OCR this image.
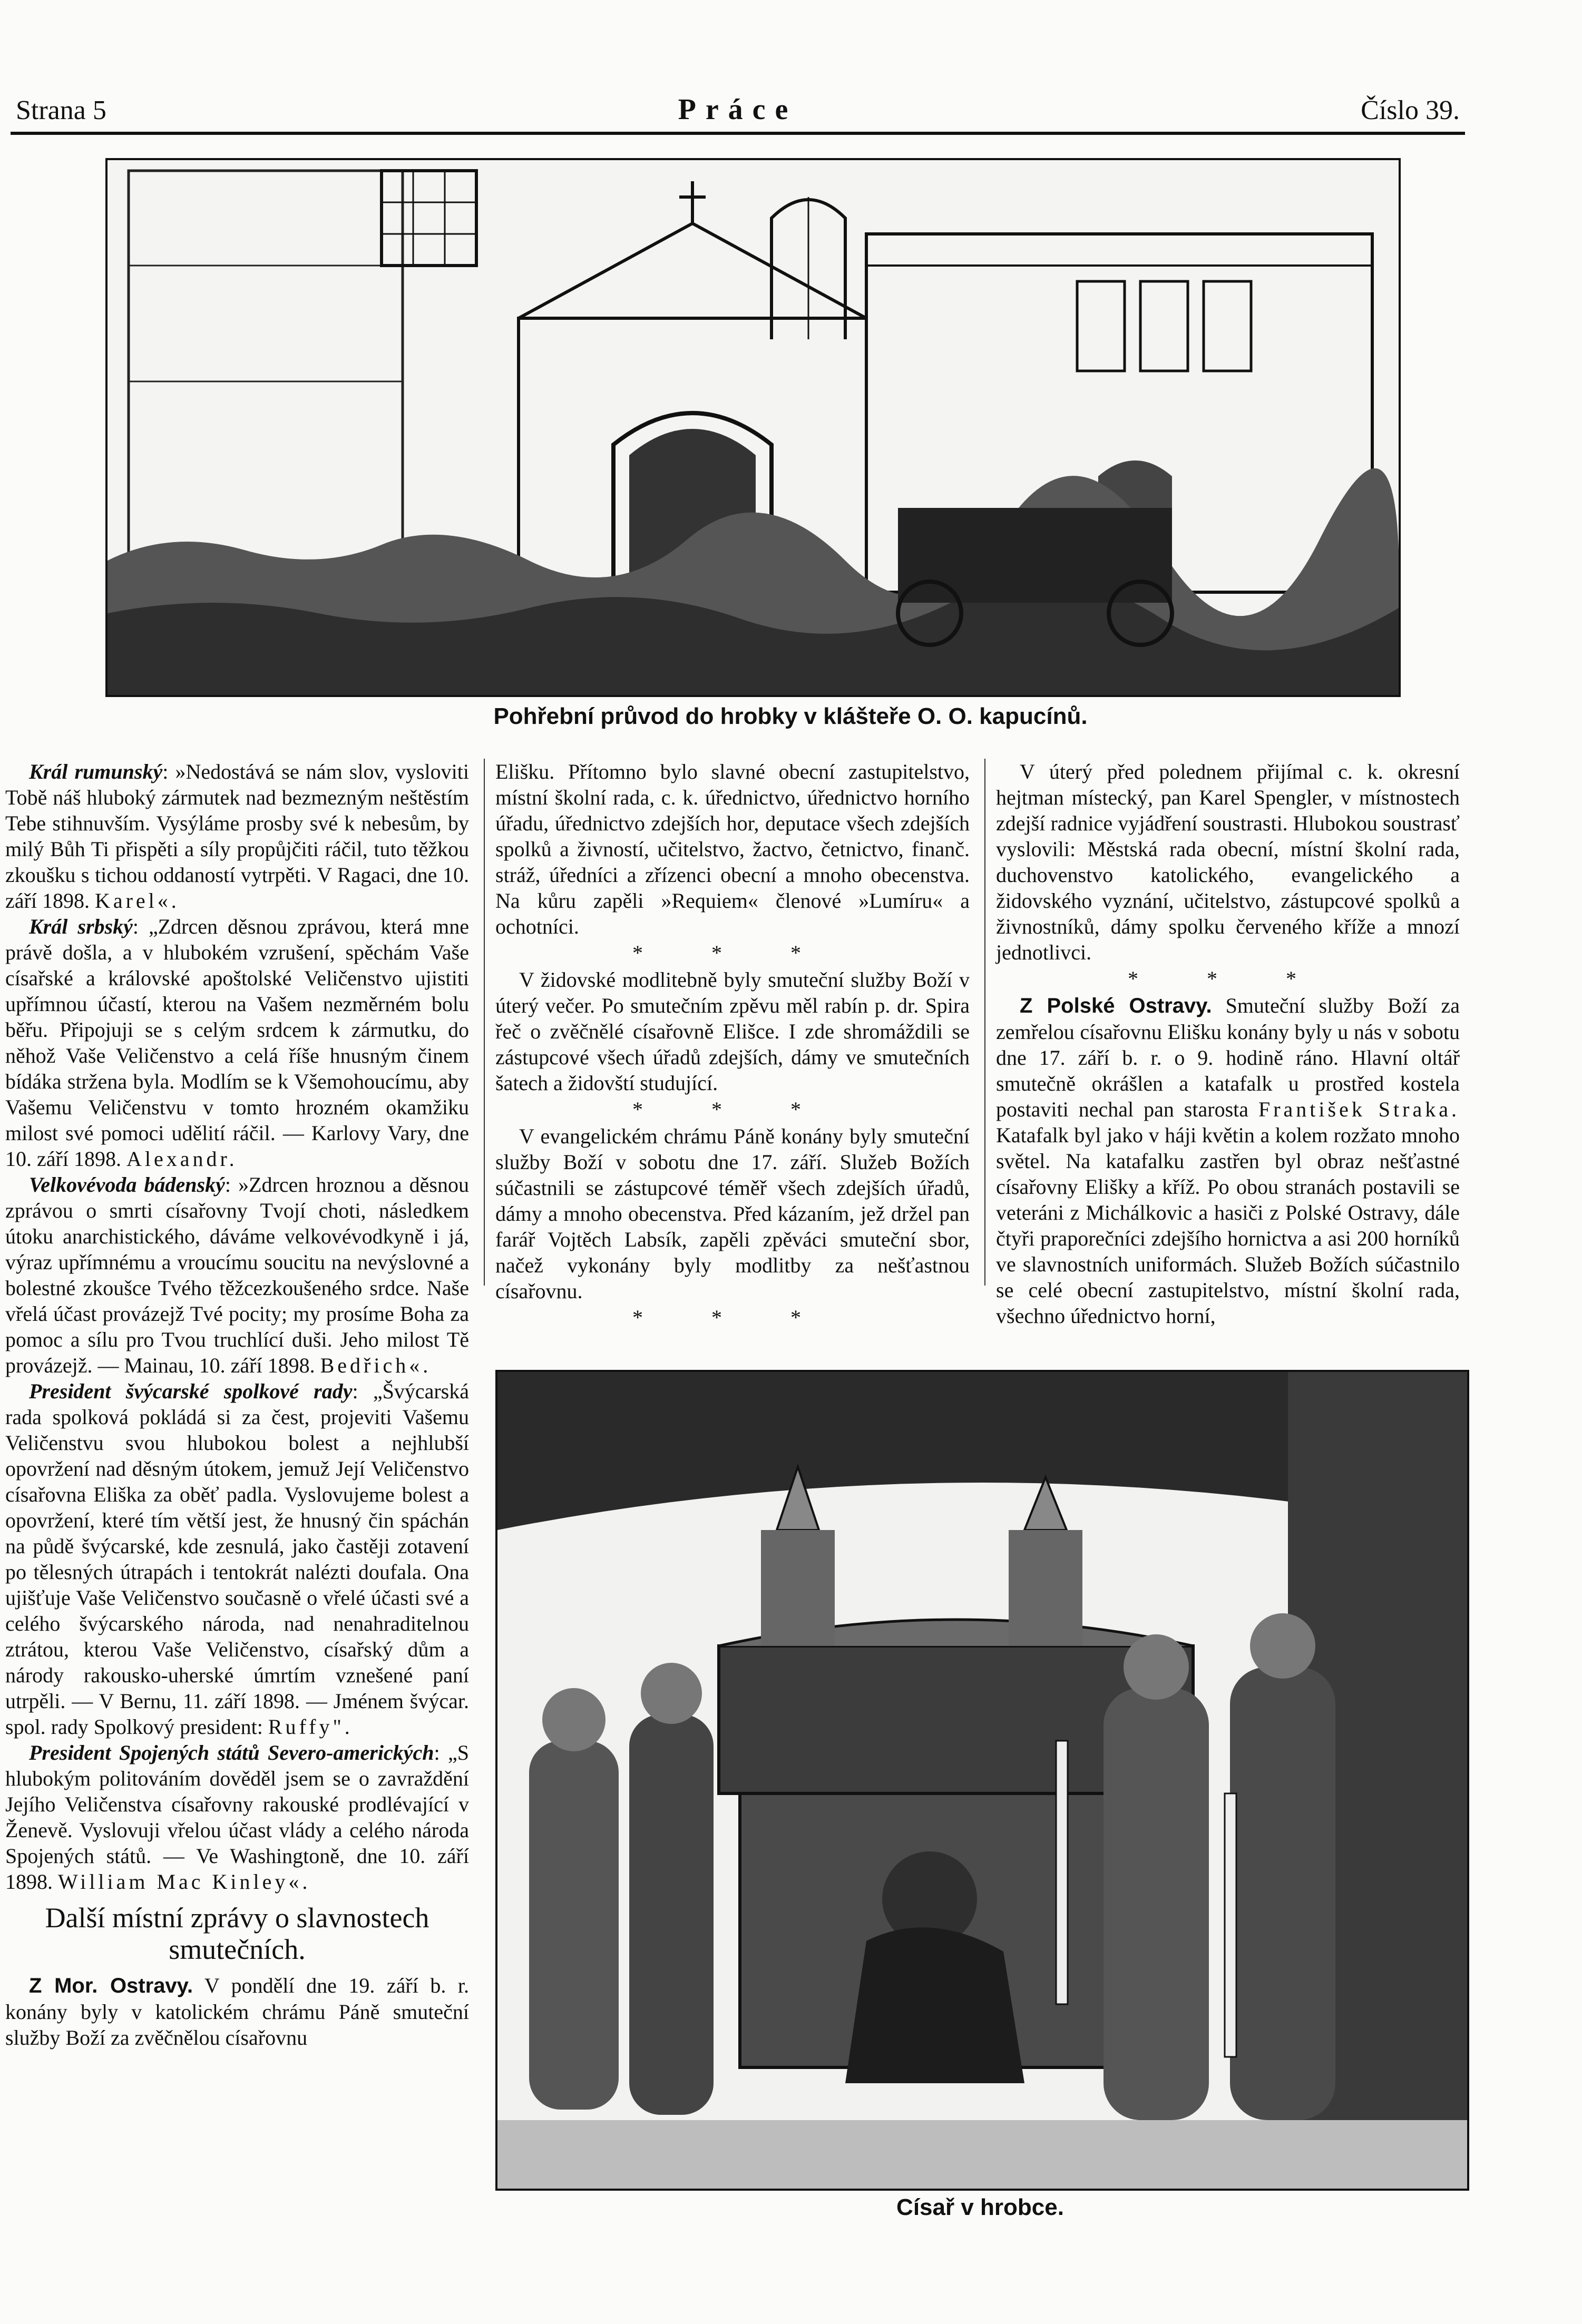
Strana 5	Práce	Číslo 39.
Pohřební průvod do hrobky v klášteře O. O. kapucínů.

Král rumunský: »Nedostává se nám slov, vysloviti Tobě náš hluboký zármutek nad bezmezným neštěstím Tebe stihnuvším. Vysýláme prosby své k nebesům, by milý Bůh Ti přispěti a síly propůjčiti ráčil, tuto těžkou zkoušku s tichou oddaností vytrpěti. V Ragaci, dne 10. září 1898. Karel«.

Král srbský: „Zdrcen děsnou zprávou, která mne právě došla, a v hlubokém vzrušení, spěchám Vaše císařské a královské apoštolské Veličenstvo ujistiti upřímnou účastí, kterou na Vašem nezměrném bolu běřu. Připojuji se s celým srdcem k zármutku, do něhož Vaše Veličenstvo a celá říše hnusným činem bídáka stržena byla. Modlím se k Všemohoucímu, aby Vašemu Veličenstvu v tomto hrozném okamžiku milost své pomoci udělití ráčil. — Karlovy Vary, dne 10. září 1898. Alexandr.

Velkovévoda bádenský: »Zdrcen hroznou a děsnou zprávou o smrti císařovny Tvojí choti, následkem útoku anarchistického, dáváme velkovévodkyně i já, výraz upřímnému a vroucímu soucitu na nevýslovné a bolestné zkoušce Tvého těžcezkoušeného srdce. Naše vřelá účast provázejž Tvé pocity; my prosíme Boha za pomoc a sílu pro Tvou truchlící duši. Jeho milost Tě provázejž. — Mainau, 10. září 1898. Bedřich«.

President švýcarské spolkové rady: „Švýcarská rada spolková pokládá si za čest, projeviti Vašemu Veličenstvu svou hlubokou bolest a nejhlubší opovržení nad děsným útokem, jemuž Její Veličenstvo císařovna Eliška za oběť padla. Vyslovujeme bolest a opovržení, které tím větší jest, že hnusný čin spáchán na půdě švýcarské, kde zesnulá, jako častěji zotavení po tělesných útrapách i tentokrát nalézti doufala. Ona ujišťuje Vaše Veličenstvo současně o vřelé účasti své a celého švýcarského národa, nad nenahraditelnou ztrátou, kterou Vaše Veličenstvo, císařský dům a národy rakousko-uherské úmrtím vznešené paní utrpěli. — V Bernu, 11. září 1898. — Jménem švýcar. spol. rady Spolkový president: Ruffy".

President Spojených států Severo-amerických: „S hlubokým politováním dověděl jsem se o zavraždění Jejího Veličenstva císařovny rakouské prodlévající v Ženevě. Vyslovuji vřelou účast vlády a celého národa Spojených států. — Ve Washingtoně, dne 10. září 1898. William Mac Kinley«.

Další místní zprávy o slavnostech smutečních.

Z Mor. Ostravy. V pondělí dne 19. září b. r. konány byly v katolickém chrámu Páně smuteční služby Boží za zvěčnělou císařovnu

Elišku. Přítomno bylo slavné obecní zastupitelstvo, místní školní rada, c. k. úřednictvo, úřednictvo horního úřadu, úřednictvo zdejších hor, deputace všech zdejších spolků a živností, učitelstvo, žactvo, četnictvo, finanč. stráž, úředníci a zřízenci obecní a mnoho obecenstva. Na kůru zapěli »Requiem« členové »Lumíru« a ochotníci.

* * *

V židovské modlitebně byly smuteční služby Boží v úterý večer. Po smutečním zpěvu měl rabín p. dr. Spira řeč o zvěčnělé císařovně Elišce. I zde shromáždili se zástupcové všech úřadů zdejších, dámy ve smutečních šatech a židovští studující.

* * *

V evangelickém chrámu Páně konány byly smuteční služby Boží v sobotu dne 17. září. Služeb Božích súčastnili se zástupcové téměř všech zdejších úřadů, dámy a mnoho obecenstva. Před kázaním, jež držel pan farář Vojtěch Labsík, zapěli zpěváci smuteční sbor, načež vykonány byly modlitby za nešťastnou císařovnu.

* * *

V úterý před polednem přijímal c. k. okresní hejtman místecký, pan Karel Spengler, v místnostech zdejší radnice vyjádření soustrasti. Hlubokou soustrasť vyslovili: Městská rada obecní, místní školní rada, duchovenstvo katolického, evangelického a židovského vyznání, učitelstvo, zástupcové spolků a živnostníků, dámy spolku červeného kříže a mnozí jednotlivci.

* * *

Z Polské Ostravy. Smuteční služby Boží za zemřelou císařovnu Elišku konány byly u nás v sobotu dne 17. září b. r. o 9. hodině ráno. Hlavní oltář smutečně okrášlen a katafalk u prostřed kostela postaviti nechal pan starosta František Straka. Katafalk byl jako v háji květin a kolem rozžato mnoho světel. Na katafalku zastřen byl obraz nešťastné císařovny Elišky a kříž. Po obou stranách postavili se veteráni z Michálkovic a hasiči z Polské Ostravy, dále čtyři praporečníci zdejšího hornictva a asi 200 horníků ve slavnostních uniformách. Služeb Božích súčastnilo se celé obecní zastupitelstvo, místní školní rada, všechno úřednictvo horní,

Císař v hrobce.
